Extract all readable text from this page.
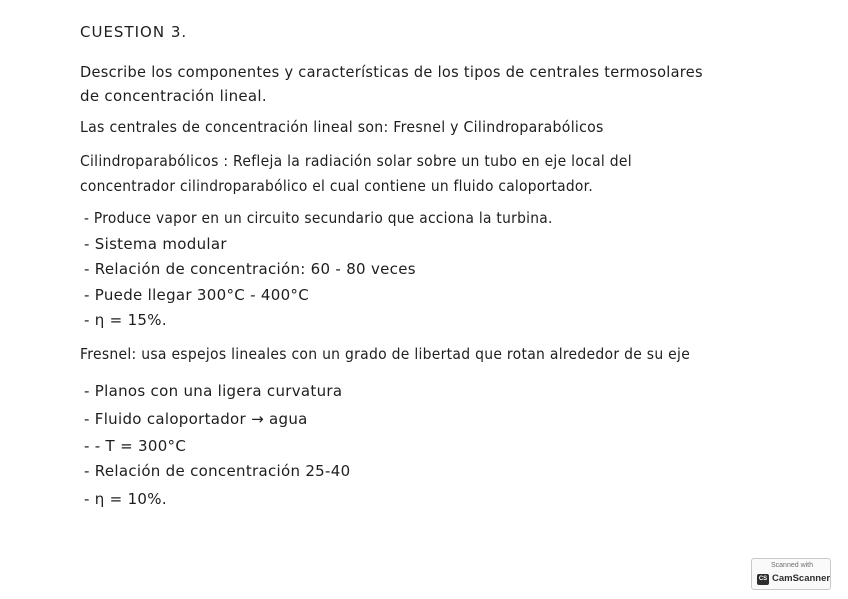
CUESTION 3.
Describe los componentes y características de los tipos de centrales termosolares
de concentración lineal.
Las centrales de concentración lineal son: Fresnel y Cilindroparabólicos
Cilindroparabólicos : Refleja la radiación solar sobre un tubo en eje local del
concentrador cilindroparabólico el cual contiene un fluido caloportador.
- Produce vapor en un circuito secundario que acciona la turbina.
- Sistema modular
- Relación de concentración: 60 - 80 veces
- Puede llegar 300°C - 400°C
- η = 15%.
Fresnel: usa espejos lineales con un grado de libertad que rotan alrededor de su eje
- Planos con una ligera curvatura
- Fluido caloportador → agua
- - T = 300°C
- Relación de concentración 25-40
- η = 10%.
Scanned with
CS CamScanner
